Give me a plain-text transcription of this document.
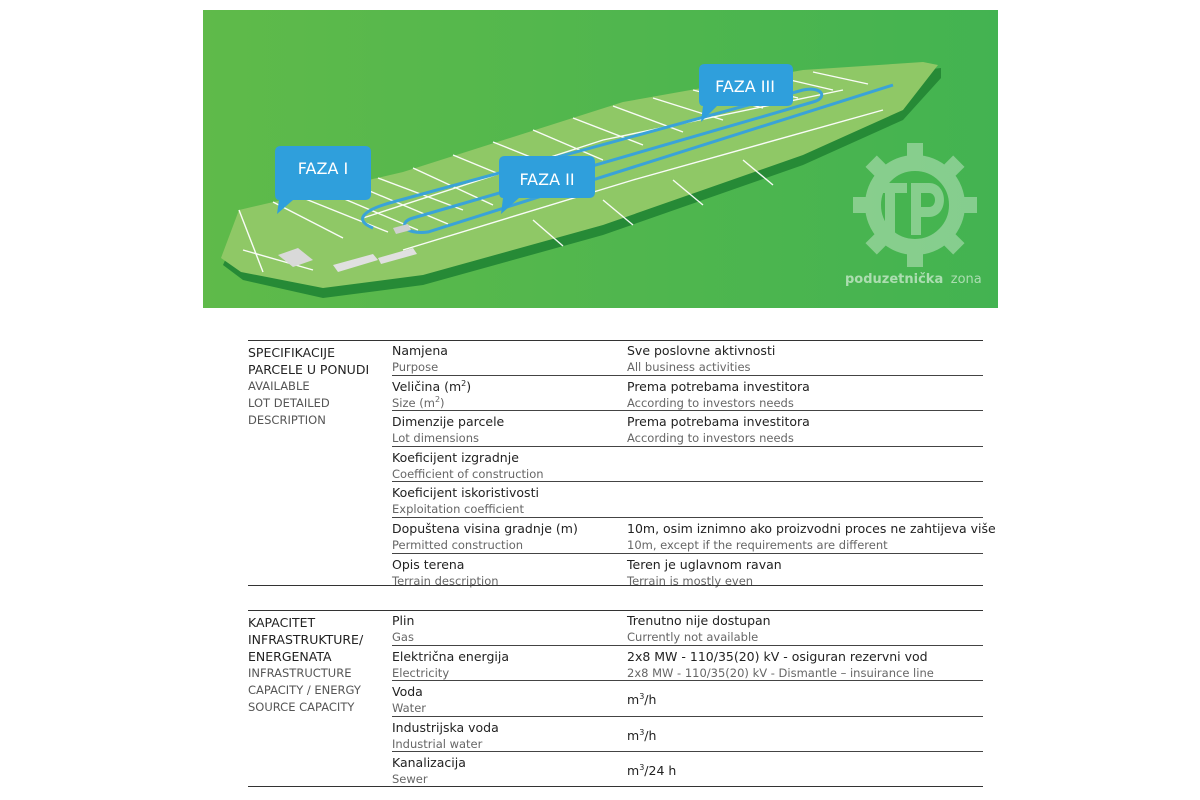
poduzetnička zona
FAZA I
FAZA II
FAZA III
SPECIFIKACIJE
PARCELE U PONUDI
AVAILABLE
LOT DETAILED
DESCRIPTION
Namjena
Purpose
Sve poslovne aktivnosti
All business activities
Veličina $(m^2)$
Size $(m^2)$
Prema potrebama investitora
According to investors needs
Dimenzije parcele
Lot dimensions
Prema potrebama investitora
According to investors needs
Koeficijent izgradnje
Coefficient of construction
Koeficijent iskoristivosti
Exploitation coefficient
Dopuštena visina gradnje (m)
Permitted construction
10m, osim iznimno ako proizvodni proces ne zahtijeva više
10m, except if the requirements are different
Opis terena
Terrain description
Teren je uglavnom ravan
Terrain is mostly even
KAPACITET
INFRASTRUKTURE/
ENERGENATA
INFRASTRUCTURE
CAPACITY / ENERGY
SOURCE CAPACITY
Plin
Gas
Trenutno nije dostupan
Currently not available
Električna energija
Electricity
2x8 MW - 110/35(20) kV - osiguran rezervni vod
2x8 MW - 110/35(20) kV - Dismantle – insuirance line
Voda
Water
$m^3/h$
Industrijska voda
Industrial water
$m^3/h$
Kanalizacija
Sewer
$m^3/24$ h
